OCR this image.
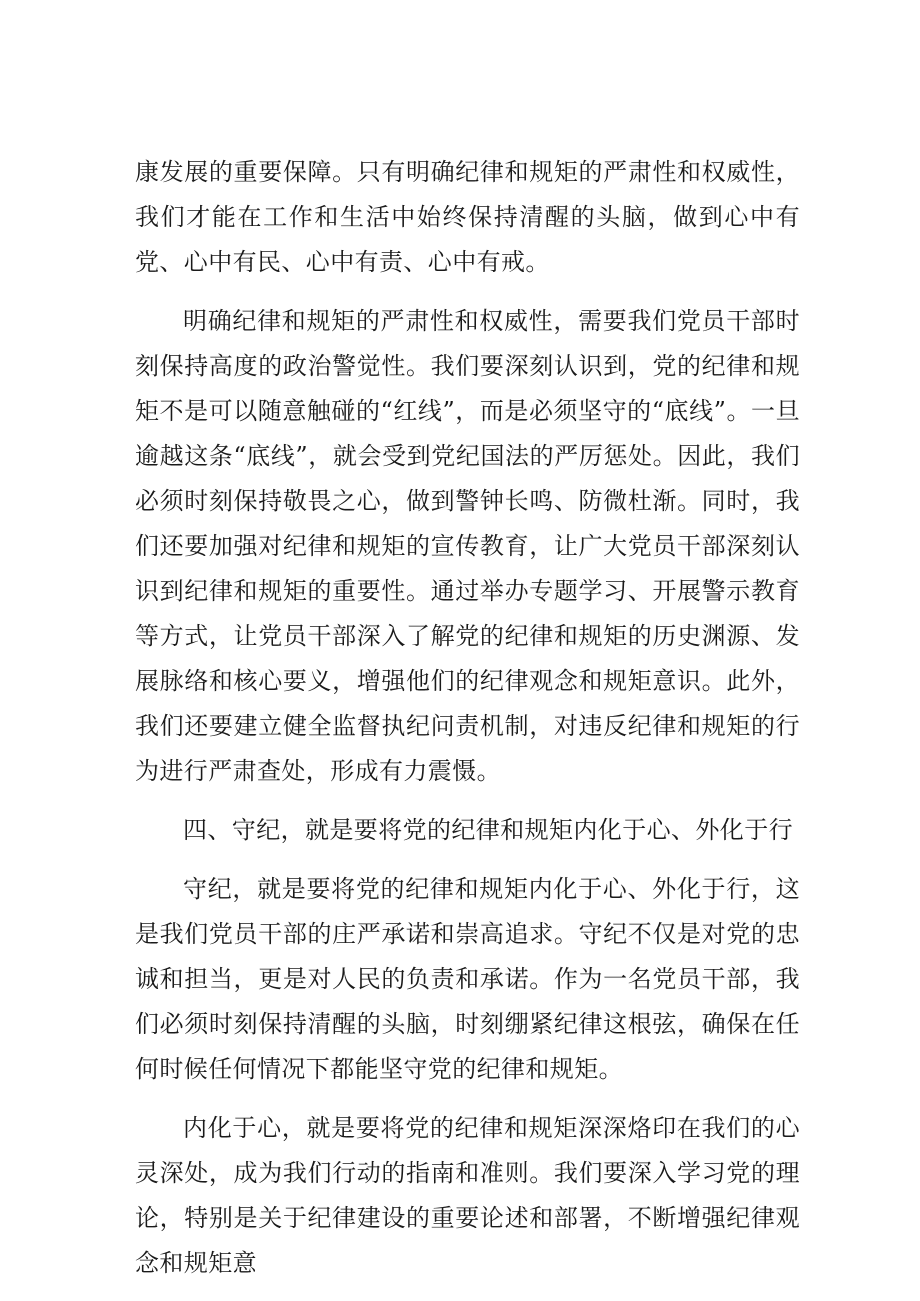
康发展的重要保障。只有明确纪律和规矩的严肃性和权威性，我们才能在工作和生活中始终保持清醒的头脑，做到心中有党、心中有民、心中有责、心中有戒。

明确纪律和规矩的严肃性和权威性，需要我们党员干部时刻保持高度的政治警觉性。我们要深刻认识到，党的纪律和规矩不是可以随意触碰的“红线”，而是必须坚守的“底线”。一旦逾越这条“底线”，就会受到党纪国法的严厉惩处。因此，我们必须时刻保持敬畏之心，做到警钟长鸣、防微杜渐。同时，我们还要加强对纪律和规矩的宣传教育，让广大党员干部深刻认识到纪律和规矩的重要性。通过举办专题学习、开展警示教育等方式，让党员干部深入了解党的纪律和规矩的历史渊源、发展脉络和核心要义，增强他们的纪律观念和规矩意识。此外，我们还要建立健全监督执纪问责机制，对违反纪律和规矩的行为进行严肃查处，形成有力震慑。

四、守纪，就是要将党的纪律和规矩内化于心、外化于行

守纪，就是要将党的纪律和规矩内化于心、外化于行，这是我们党员干部的庄严承诺和崇高追求。守纪不仅是对党的忠诚和担当，更是对人民的负责和承诺。作为一名党员干部，我们必须时刻保持清醒的头脑，时刻绷紧纪律这根弦，确保在任何时候任何情况下都能坚守党的纪律和规矩。

内化于心，就是要将党的纪律和规矩深深烙印在我们的心灵深处，成为我们行动的指南和准则。我们要深入学习党的理论，特别是关于纪律建设的重要论述和部署，不断增强纪律观念和规矩意
